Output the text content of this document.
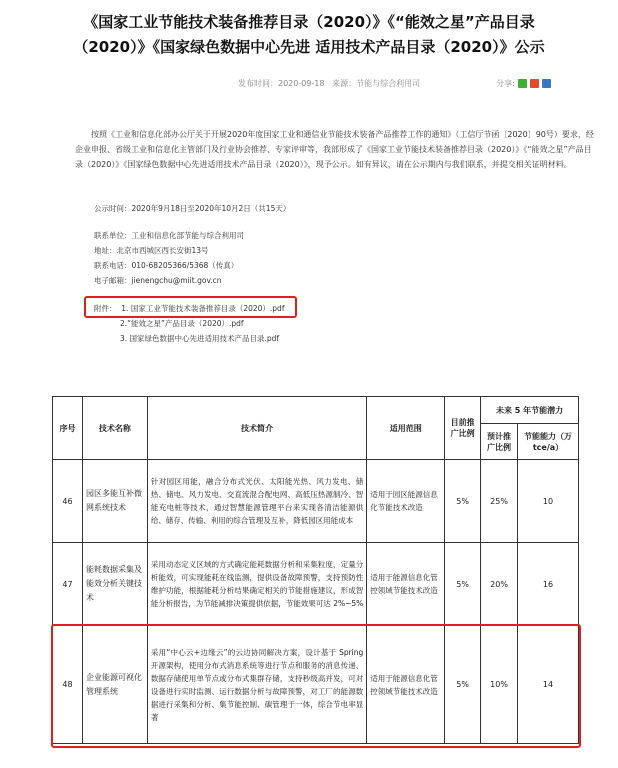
《国家工业节能技术装备推荐目录（2020）》《“能效之星”产品目录
（2020）》《国家绿色数据中心先进 适用技术产品目录（2020）》公示
发布时间：2020-09-18 来源：节能与综合利用司	分享:
按照《工业和信息化部办公厅关于开展2020年度国家工业和通信业节能技术装备产品推荐工作的通知》（工信厅节函〔2020〕90号）要求，经企业申报、省级工业和信息化主管部门及行业协会推荐、专家评审等，我部形成了《国家工业节能技术装备推荐目录（2020）》《“能效之星”产品目录（2020）》《国家绿色数据中心先进适用技术产品目录（2020）》，现予公示。如有异议，请在公示期内与我们联系，并提交相关证明材料。
公示时间：2020年9月18日至2020年10月2日（共15天）
联系单位：工业和信息化部节能与综合利用司
地址：北京市西城区西长安街13号
联系电话：010-68205366/5368（传真）
电子邮箱：jienengchu@miit.gov.cn
附件： 1. 国家工业节能技术装备推荐目录（2020）.pdf
2.“能效之星”产品目录（2020）.pdf
3. 国家绿色数据中心先进适用技术产品目录.pdf
序号	技术名称	技术简介	适用范围	目前推广比例	未来 5 年节能潜力	
					预计推广比例	节能能力（万 tce/a）
46	园区多能互补微网系统技术	针对园区用能，融合分布式光伏、太阳能光热、风力发电、储热、储电、风力发电、交直流混合配电网、高低压热源制冷、智能充电桩等技术，通过智慧能源管理平台来实现各清洁能源供给、储存、传输、利用的综合管理及互补，降低园区用能成本	适用于园区能源信息化节能技术改造	5%	25%	10
47	能耗数据采集及能效分析关键技术	采用动态定义区域的方式确定能耗数据分析和采集粒度，定量分析能效，可实现能耗在线监测，提供设备故障预警，支持预防性维护功能，根据能耗分析结果确定相关的节能措施建议，形成智能分析报告，为节能减排决策提供依据，节能效果可达 2%~5%	适用于能源信息化管控领域节能技术改造	5%	20%	16
48	企业能源可视化管理系统	采用“中心云+边缘云”的云边协同解决方案，设计基于 Spring 开源架构，使用分布式消息系统等进行节点和服务的消息传递、数据存储使用单节点或分布式集群存储，支持秒级高并发，可对设备进行实时监测、运行数据分析与故障预警，对工厂的能源数据进行采集和分析、集节能控制、碳管理于一体，综合节电率显著	适用于能源信息化管控领域节能技术改造	5%	10%	14
